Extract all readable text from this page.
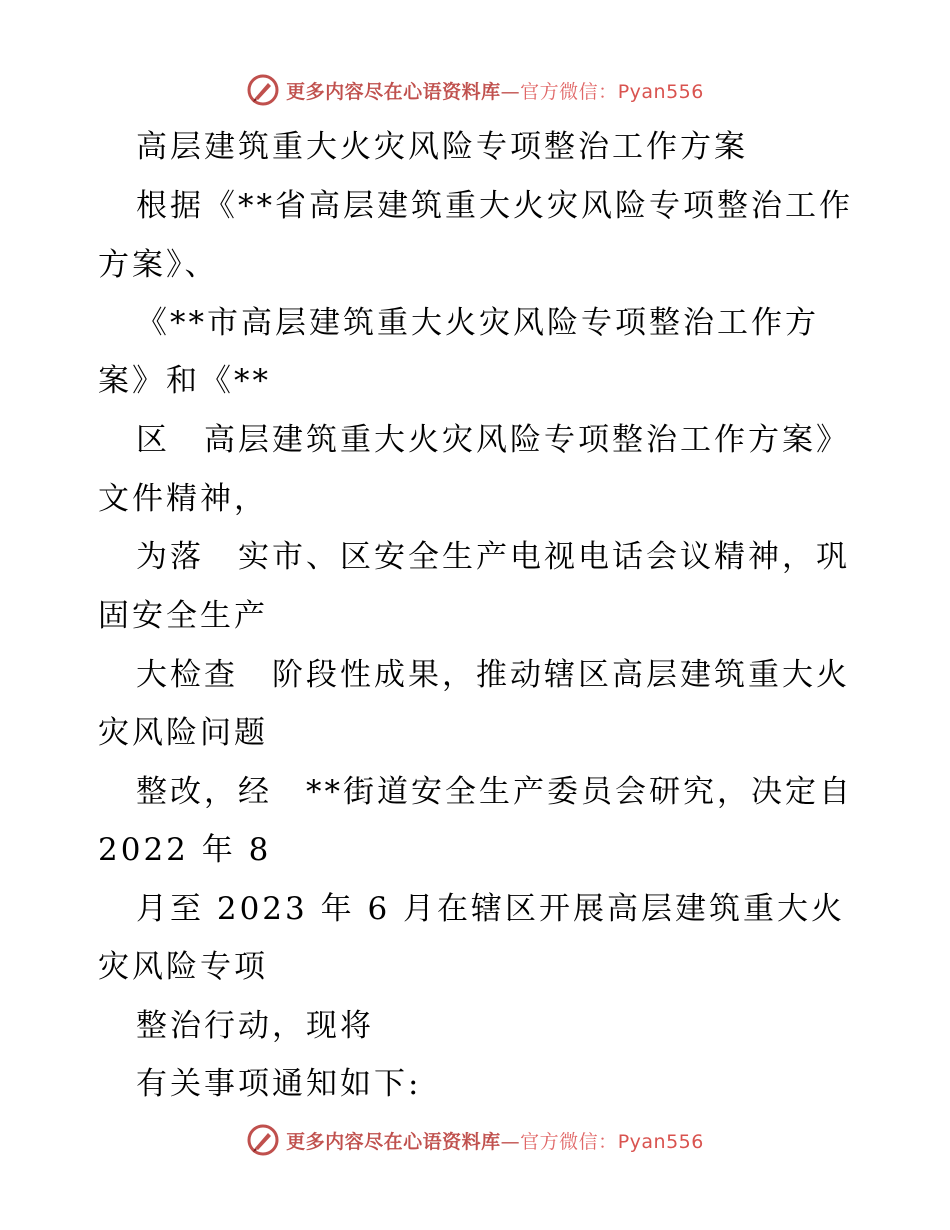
更多内容尽在心语资料库—官方微信：Pyan556
高层建筑重大火灾风险专项整治工作方案
根据《**省高层建筑重大火灾风险专项整治工作
方案》、
《**市高层建筑重大火灾风险专项整治工作方
案》和《**
区　高层建筑重大火灾风险专项整治工作方案》
文件精神，
为落　实市、区安全生产电视电话会议精神，巩
固安全生产
大检查　阶段性成果，推动辖区高层建筑重大火
灾风险问题
整改，经　**街道安全生产委员会研究，决定自
2022 年 8
月至 2023 年 6 月在辖区开展高层建筑重大火
灾风险专项
整治行动，现将
有关事项通知如下:
更多内容尽在心语资料库—官方微信：Pyan556
